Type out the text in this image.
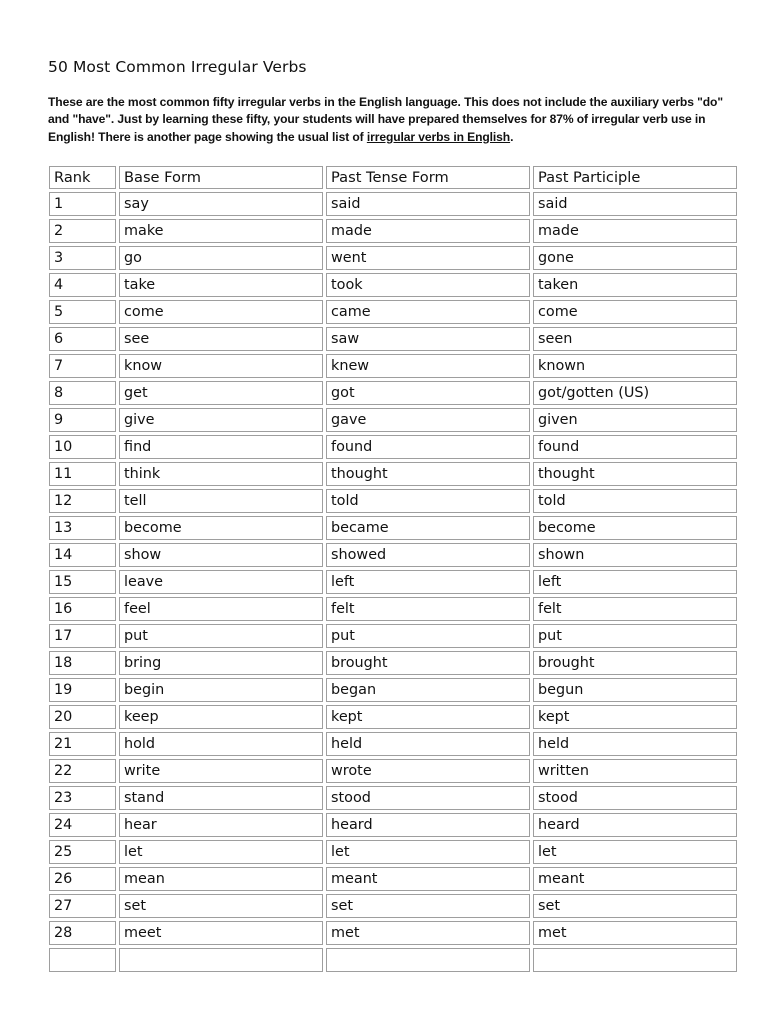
50 Most Common Irregular Verbs
These are the most common fifty irregular verbs in the English language. This does not include the auxiliary verbs "do" and "have". Just by learning these fifty, your students will have prepared themselves for 87% of irregular verb use in English! There is another page showing the usual list of irregular verbs in English.
Rank	Base Form	Past Tense Form	Past Participle
1	say	said	said
2	make	made	made
3	go	went	gone
4	take	took	taken
5	come	came	come
6	see	saw	seen
7	know	knew	known
8	get	got	got/gotten (US)
9	give	gave	given
10	find	found	found
11	think	thought	thought
12	tell	told	told
13	become	became	become
14	show	showed	shown
15	leave	left	left
16	feel	felt	felt
17	put	put	put
18	bring	brought	brought
19	begin	began	begun
20	keep	kept	kept
21	hold	held	held
22	write	wrote	written
23	stand	stood	stood
24	hear	heard	heard
25	let	let	let
26	mean	meant	meant
27	set	set	set
28	meet	met	met
